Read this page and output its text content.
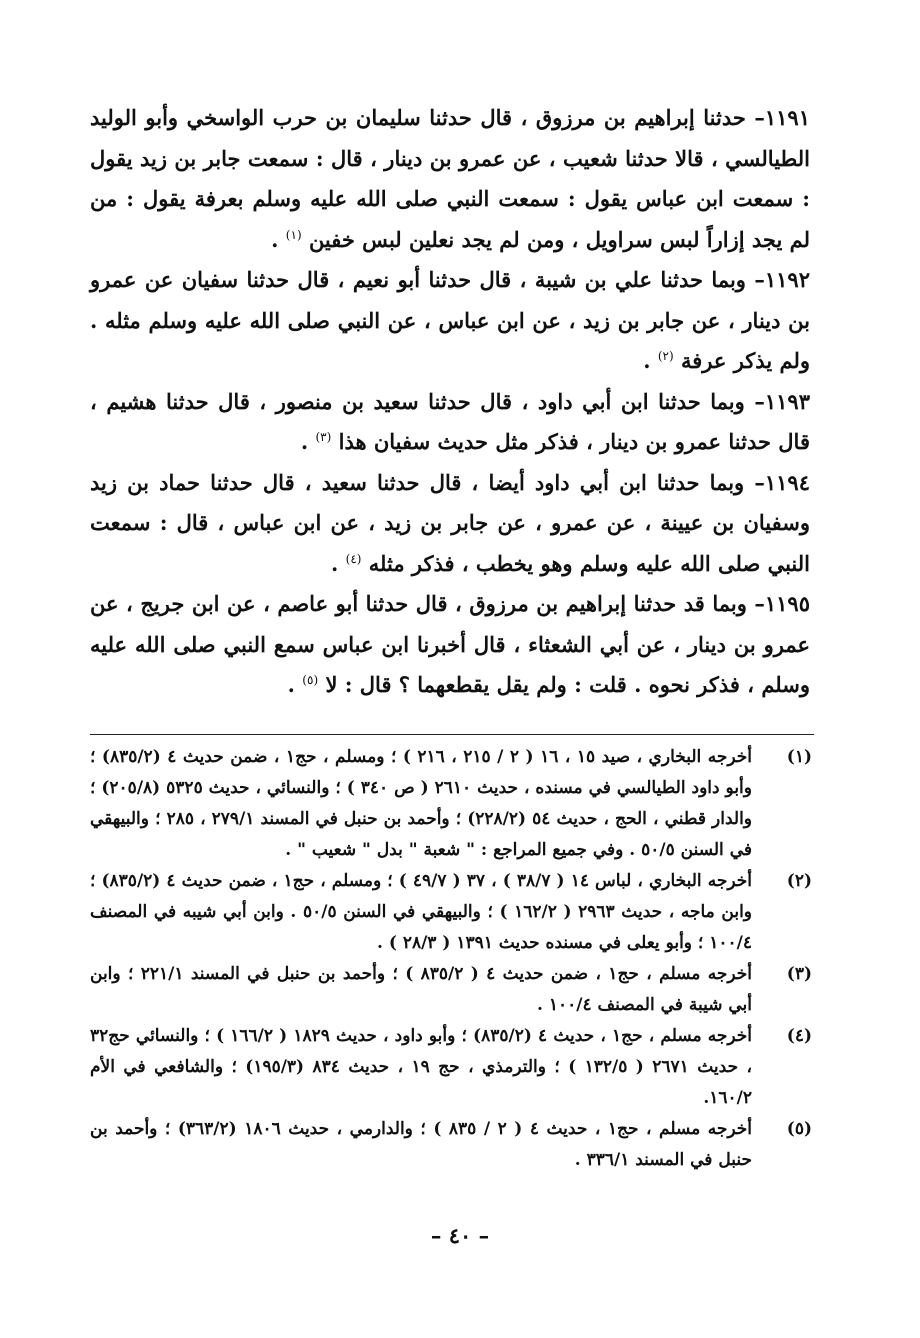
١١٩١– حدثنا إبراهيم بن مرزوق ، قال حدثنا سليمان بن حرب الواسخي وأبو الوليد الطيالسي ، قالا حدثنا شعيب ، عن عمرو بن دينار ، قال : سمعت جابر بن زيد يقول : سمعت ابن عباس يقول : سمعت النبي صلى الله عليه وسلم بعرفة يقول : من لم يجد إزاراً لبس سراويل ، ومن لم يجد نعلين لبس خفين $^{(١)}$ .

١١٩٢– وبما حدثنا علي بن شيبة ، قال حدثنا أبو نعيم ، قال حدثنا سفيان عن عمرو بن دينار ، عن جابر بن زيد ، عن ابن عباس ، عن النبي صلى الله عليه وسلم مثله . ولم يذكر عرفة $^{(٢)}$ .

١١٩٣– وبما حدثنا ابن أبي داود ، قال حدثنا سعيد بن منصور ، قال حدثنا هشيم ، قال حدثنا عمرو بن دينار ، فذكر مثل حديث سفيان هذا $^{(٣)}$ .

١١٩٤– وبما حدثنا ابن أبي داود أيضا ، قال حدثنا سعيد ، قال حدثنا حماد بن زيد وسفيان بن عيينة ، عن عمرو ، عن جابر بن زيد ، عن ابن عباس ، قال : سمعت النبي صلى الله عليه وسلم وهو يخطب ، فذكر مثله $^{(٤)}$ .

١١٩٥– وبما قد حدثنا إبراهيم بن مرزوق ، قال حدثنا أبو عاصم ، عن ابن جريج ، عن عمرو بن دينار ، عن أبي الشعثاء ، قال أخبرنا ابن عباس سمع النبي صلى الله عليه وسلم ، فذكر نحوه . قلت : ولم يقل يقطعهما ؟ قال : لا $^{(٥)}$ .

(١)
أخرجه البخاري ، صيد ١٥ ، ١٦ ( ٢ / ٢١٥ ، ٢١٦ ) ؛ ومسلم ، حج١ ، ضمن حديث ٤ (٨٣٥/٢) ؛ وأبو داود الطيالسي في مسنده ، حديث ٢٦١٠ ( ص ٣٤٠ ) ؛ والنسائي ، حديث ٥٣٢٥ (٢٠٥/٨) ؛ والدار قطني ، الحج ، حديث ٥٤ (٢٢٨/٢) ؛ وأحمد بن حنبل في المسند ٢٧٩/١ ، ٢٨٥ ؛ والبيهقي في السنن ٥٠/٥ . وفي جميع المراجع : " شعبة " بدل " شعيب " .
(٢)
أخرجه البخاري ، لباس ١٤ ( ٣٨/٧ ) ، ٣٧ ( ٤٩/٧ ) ؛ ومسلم ، حج١ ، ضمن حديث ٤ (٨٣٥/٢) ؛ وابن ماجه ، حديث ٢٩٦٣ ( ١٦٢/٢ ) ؛ والبيهقي في السنن ٥٠/٥ . وابن أبي شيبه في المصنف ١٠٠/٤ ؛ وأبو يعلى في مسنده حديث ١٣٩١ ( ٢٨/٣ ) .
(٣)
أخرجه مسلم ، حج١ ، ضمن حديث ٤ ( ٨٣٥/٢ ) ؛ وأحمد بن حنبل في المسند ٢٢١/١ ؛ وابن أبي شيبة في المصنف ١٠٠/٤ .
(٤)
أخرجه مسلم ، حج١ ، حديث ٤ (٨٣٥/٢) ؛ وأبو داود ، حديث ١٨٢٩ ( ١٦٦/٢ ) ؛ والنسائي حج٣٢ ، حديث ٢٦٧١ ( ١٣٢/٥ ) ؛ والترمذي ، حج ١٩ ، حديث ٨٣٤ (١٩٥/٣) ؛ والشافعي في الأم ١٦٠/٢.
(٥)
أخرجه مسلم ، حج١ ، حديث ٤ ( ٢ / ٨٣٥ ) ؛ والدارمي ، حديث ١٨٠٦ (٣٦٣/٢) ؛ وأحمد بن حنبل في المسند ٣٣٦/١ .
– ٤٠ –
